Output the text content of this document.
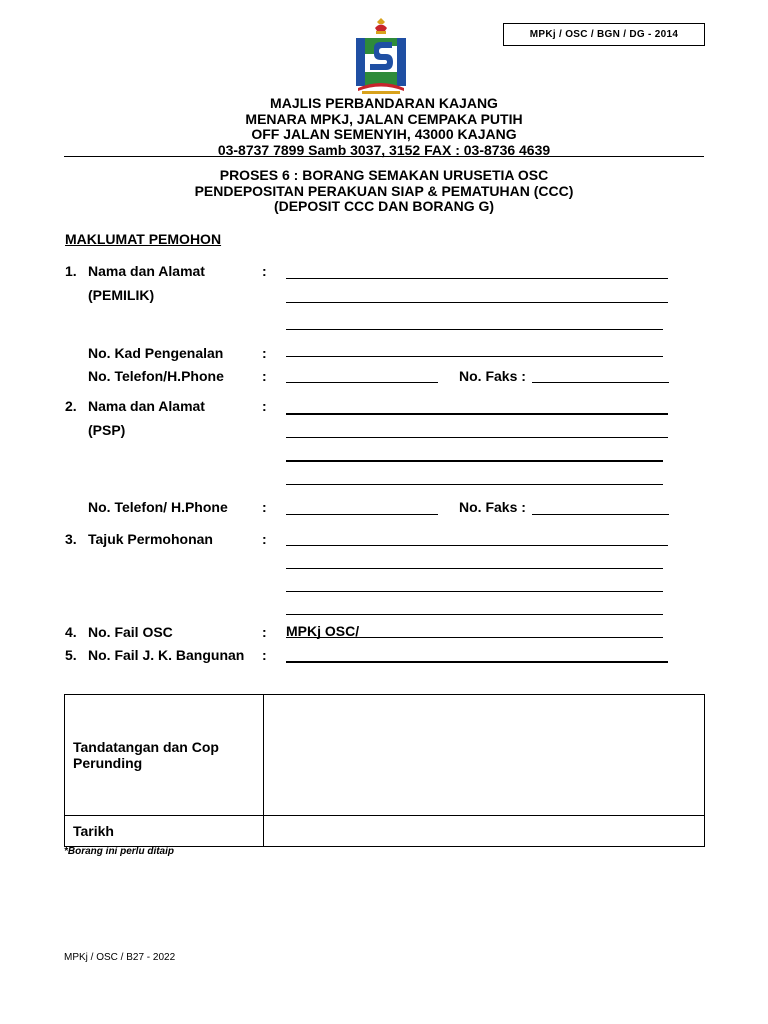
MPKj / OSC / BGN / DG - 2014
MAJLIS PERBANDARAN KAJANG
MENARA MPKJ, JALAN CEMPAKA PUTIH
OFF JALAN SEMENYIH, 43000 KAJANG
03-8737 7899 Samb 3037, 3152 FAX : 03-8736 4639
PROSES 6 : BORANG SEMAKAN URUSETIA OSC
PENDEPOSITAN PERAKUAN SIAP & PEMATUHAN (CCC)
(DEPOSIT CCC DAN BORANG G)
MAKLUMAT PEMOHON
1. Nama dan Alamat	:
(PEMILIK)
No. Kad Pengenalan	:
No. Telefon/H.Phone	:	No. Faks :
2. Nama dan Alamat	:
(PSP)
No. Telefon/ H.Phone :	No. Faks :
3. Tajuk Permohonan	:
4. No. Fail OSC	: MPKj OSC/
5. No. Fail J. K. Bangunan :
Tandatangan dan Cop Perunding	
Tarikh	
*Borang ini perlu ditaip
MPKj / OSC / B27 - 2022
